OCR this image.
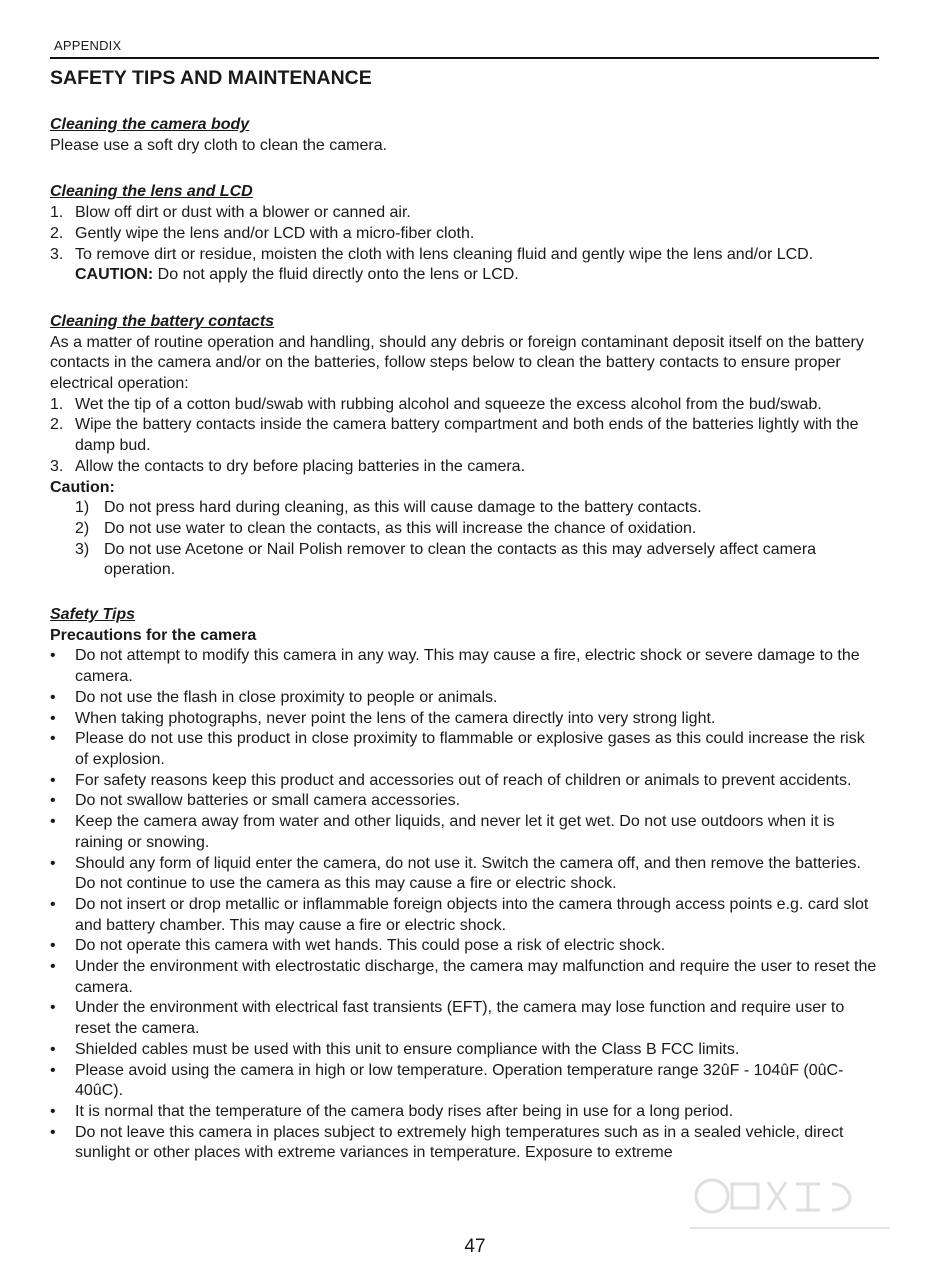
APPENDIX
SAFETY TIPS AND MAINTENANCE
Cleaning the camera body
Please use a soft dry cloth to clean the camera.
Cleaning the lens and LCD
1. Blow off dirt or dust with a blower or canned air.
2. Gently wipe the lens and/or LCD with a micro-fiber cloth.
3. To remove dirt or residue, moisten the cloth with lens cleaning fluid and gently wipe the lens and/or LCD.
CAUTION: Do not apply the fluid directly onto the lens or LCD.
Cleaning the battery contacts
As a matter of routine operation and handling, should any debris or foreign contaminant deposit itself on the battery contacts in the camera and/or on the batteries, follow steps below to clean the battery contacts to ensure proper electrical operation:
1. Wet the tip of a cotton bud/swab with rubbing alcohol and squeeze the excess alcohol from the bud/swab.
2. Wipe the battery contacts inside the camera battery compartment and both ends of the batteries lightly with the damp bud.
3. Allow the contacts to dry before placing batteries in the camera.
Caution:
1) Do not press hard during cleaning, as this will cause damage to the battery contacts.
2) Do not use water to clean the contacts, as this will increase the chance of oxidation.
3) Do not use Acetone or Nail Polish remover to clean the contacts as this may adversely affect camera operation.
Safety Tips
Precautions for the camera
•	Do not attempt to modify this camera in any way. This may cause a fire, electric shock or severe damage to the camera.
•	Do not use the flash in close proximity to people or animals.
•	When taking photographs, never point the lens of the camera directly into very strong light.
•	Please do not use this product in close proximity to flammable or explosive gases as this could increase the risk of explosion.
•	For safety reasons keep this product and accessories out of reach of children or animals to prevent accidents.
•	Do not swallow batteries or small camera accessories.
•	Keep the camera away from water and other liquids, and never let it get wet. Do not use outdoors when it is raining or snowing.
•	Should any form of liquid enter the camera, do not use it. Switch the camera off, and then remove the batteries. Do not continue to use the camera as this may cause a fire or electric shock.
•	Do not insert or drop metallic or inflammable foreign objects into the camera through access points e.g. card slot and battery chamber. This may cause a fire or electric shock.
•	Do not operate this camera with wet hands. This could pose a risk of electric shock.
•	Under the environment with electrostatic discharge, the camera may malfunction and require the user to reset the camera.
•	Under the environment with electrical fast transients (EFT), the camera may lose function and require user to reset the camera.
•	Shielded cables must be used with this unit to ensure compliance with the Class B FCC limits.
•	Please avoid using the camera in high or low temperature. Operation temperature range 32ûF - 104ûF (0ûC- 40ûC).
•	It is normal that the temperature of the camera body rises after being in use for a long period.
•	Do not leave this camera in places subject to extremely high temperatures such as in a sealed vehicle, direct sunlight or other places with extreme variances in temperature. Exposure to extreme
47
